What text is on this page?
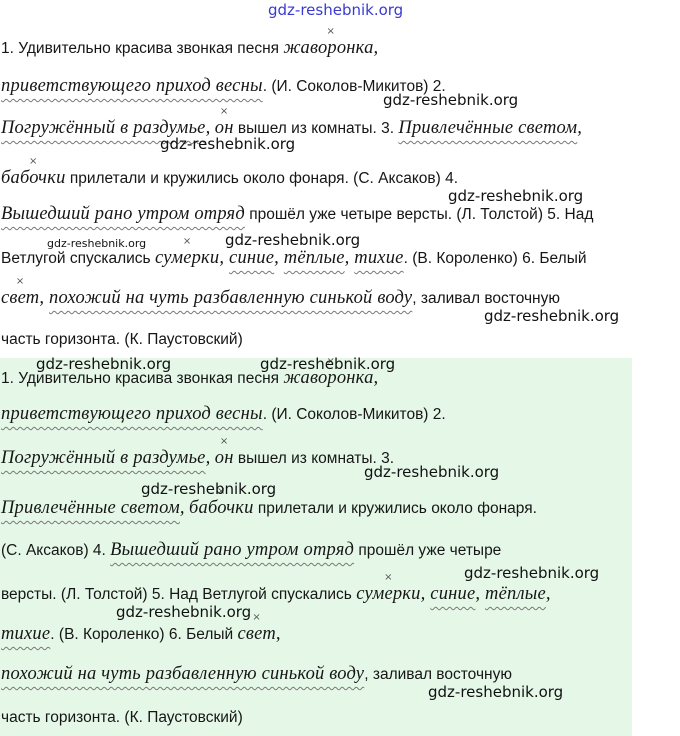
gdz-reshebnik.org
1. Удивительно красива звонкая песня × жаворонка,
приветствующего приход весны. (И. Соколов-Микитов) 2.
Погружённый в раздумье, × он вышел из комнаты. 3. Привлечённые светом,
× бабочки прилетали и кружились около фонаря. (С. Аксаков) 4.
Вышедший рано утром отряд прошёл уже четыре версты. (Л. Толстой) 5. Над
Ветлугой спускались × сумерки, синие, тёплые, тихие. (В. Короленко) 6. Белый
× свет, похожий на чуть разбавленную синькой воду, заливал восточную
часть горизонта. (К. Паустовский)
gdz-reshebnik.org
gdz-reshebnik.org
gdz-reshebnik.org
gdz-reshebnik.org	gdz-reshebnik.org
gdz-reshebnik.org
1. Удивительно красива звонкая песня × жаворонка,
приветствующего приход весны. (И. Соколов-Микитов) 2.
Погружённый в раздумье, × он вышел из комнаты. 3.
Привлечённые светом, × бабочки прилетали и кружились около фонаря.
(С. Аксаков) 4. Вышедший рано утром отряд прошёл уже четыре
версты. (Л. Толстой) 5. Над Ветлугой спускались × сумерки, синие, тёплые,
тихие. (В. Короленко) 6. Белый × свет,
похожий на чуть разбавленную синькой воду, заливал восточную
часть горизонта. (К. Паустовский)
gdz-reshebnik.org	gdz-reshebnik.org
gdz-reshebnik.org
gdz-reshebnik.org
gdz-reshebnik.org
gdz-reshebnik.org
gdz-reshebnik.org
